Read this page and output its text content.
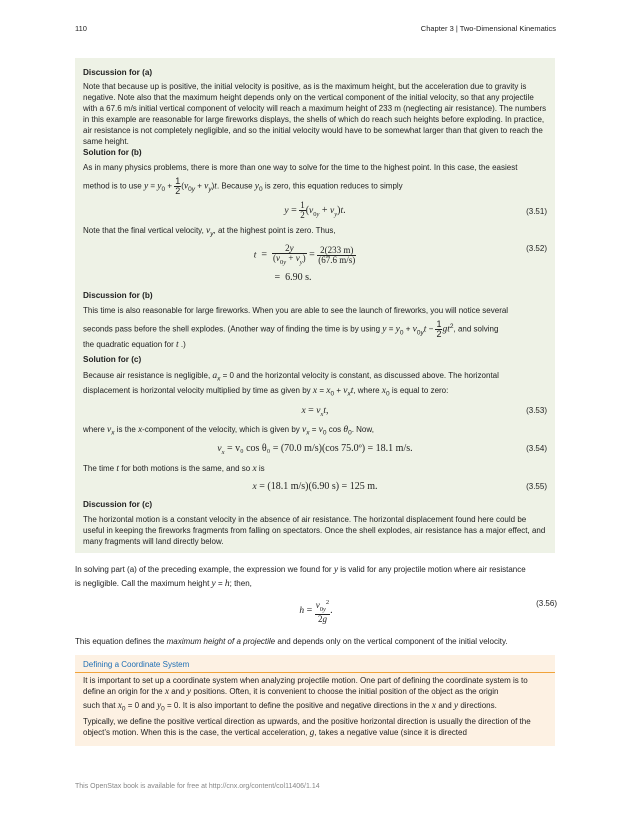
110	Chapter 3 | Two-Dimensional Kinematics

Discussion for (a)

Note that because up is positive, the initial velocity is positive, as is the maximum height, but the acceleration due to gravity is negative. Note also that the maximum height depends only on the vertical component of the initial velocity, so that any projectile with a 67.6 m/s initial vertical component of velocity will reach a maximum height of 233 m (neglecting air resistance). The numbers in this example are reasonable for large fireworks displays, the shells of which do reach such heights before exploding. In practice, air resistance is not completely negligible, and so the initial velocity would have to be somewhat larger than that given to reach the same height.

Solution for (b)

As in many physics problems, there is more than one way to solve for the time to the highest point. In this case, the easiest

method is to use $y = y_0 + \frac{1}{2} (v_{0y} + v_y)t$. Because $y_0$ is zero, this equation reduces to simply

$y = \frac{1}{2} (v_{0y} + v_y)t$.	(3.51)

Note that the final vertical velocity, $v_y$, at the highest point is zero. Thus,

$t = \frac{2y}{(v_{0y} + v_y)} = \frac{2(233 m)}{(67.6 m/s)}$	(3.52)
=  6.90 s.

Discussion for (b)

This time is also reasonable for large fireworks. When you are able to see the launch of fireworks, you will notice several

seconds pass before the shell explodes. (Another way of finding the time is by using $y = y_0 + v_{0y}t - \frac{1}{2} gt^2$, and solving

the quadratic equation for t .)

Solution for (c)

Because air resistance is negligible, $a_x = 0$ and the horizontal velocity is constant, as discussed above. The horizontal

displacement is horizontal velocity multiplied by time as given by $x = x_0 + v_xt$, where $x_0$ is equal to zero:

$x = v_xt$,	(3.53)

where $v_x$ is the x-component of the velocity, which is given by $v_x = v_0$ $\cos \theta_0$. Now,

$v_x = v_0$ cos θ₀ = (70.0 m/s)(cos 75.0º) = 18.1 m/s.	(3.54)

The time t for both motions is the same, and so x is

x = (18.1 m/s)(6.90 s) = 125 m.	(3.55)

Discussion for (c)

The horizontal motion is a constant velocity in the absence of air resistance. The horizontal displacement found here could be useful in keeping the fireworks fragments from falling on spectators. Once the shell explodes, air resistance has a major effect, and many fragments will land directly below.

In solving part (a) of the preceding example, the expression we found for y is valid for any projectile motion where air resistance
is negligible. Call the maximum height y = h; then,

$h = \frac{v_{0y}^2}{2g}$ .
(3.56)

This equation defines the maximum height of a projectile and depends only on the vertical component of the initial velocity.

Defining a Coordinate System

It is important to set up a coordinate system when analyzing projectile motion. One part of defining the coordinate system is to define an origin for the x and y positions. Often, it is convenient to choose the initial position of the object as the origin

such that $x_0 = 0$ and $y_0 = 0$. It is also important to define the positive and negative directions in the x and y directions.

Typically, we define the positive vertical direction as upwards, and the positive horizontal direction is usually the direction of the object’s motion. When this is the case, the vertical acceleration, g, takes a negative value (since it is directed

This OpenStax book is available for free at http://cnx.org/content/col11406/1.14
